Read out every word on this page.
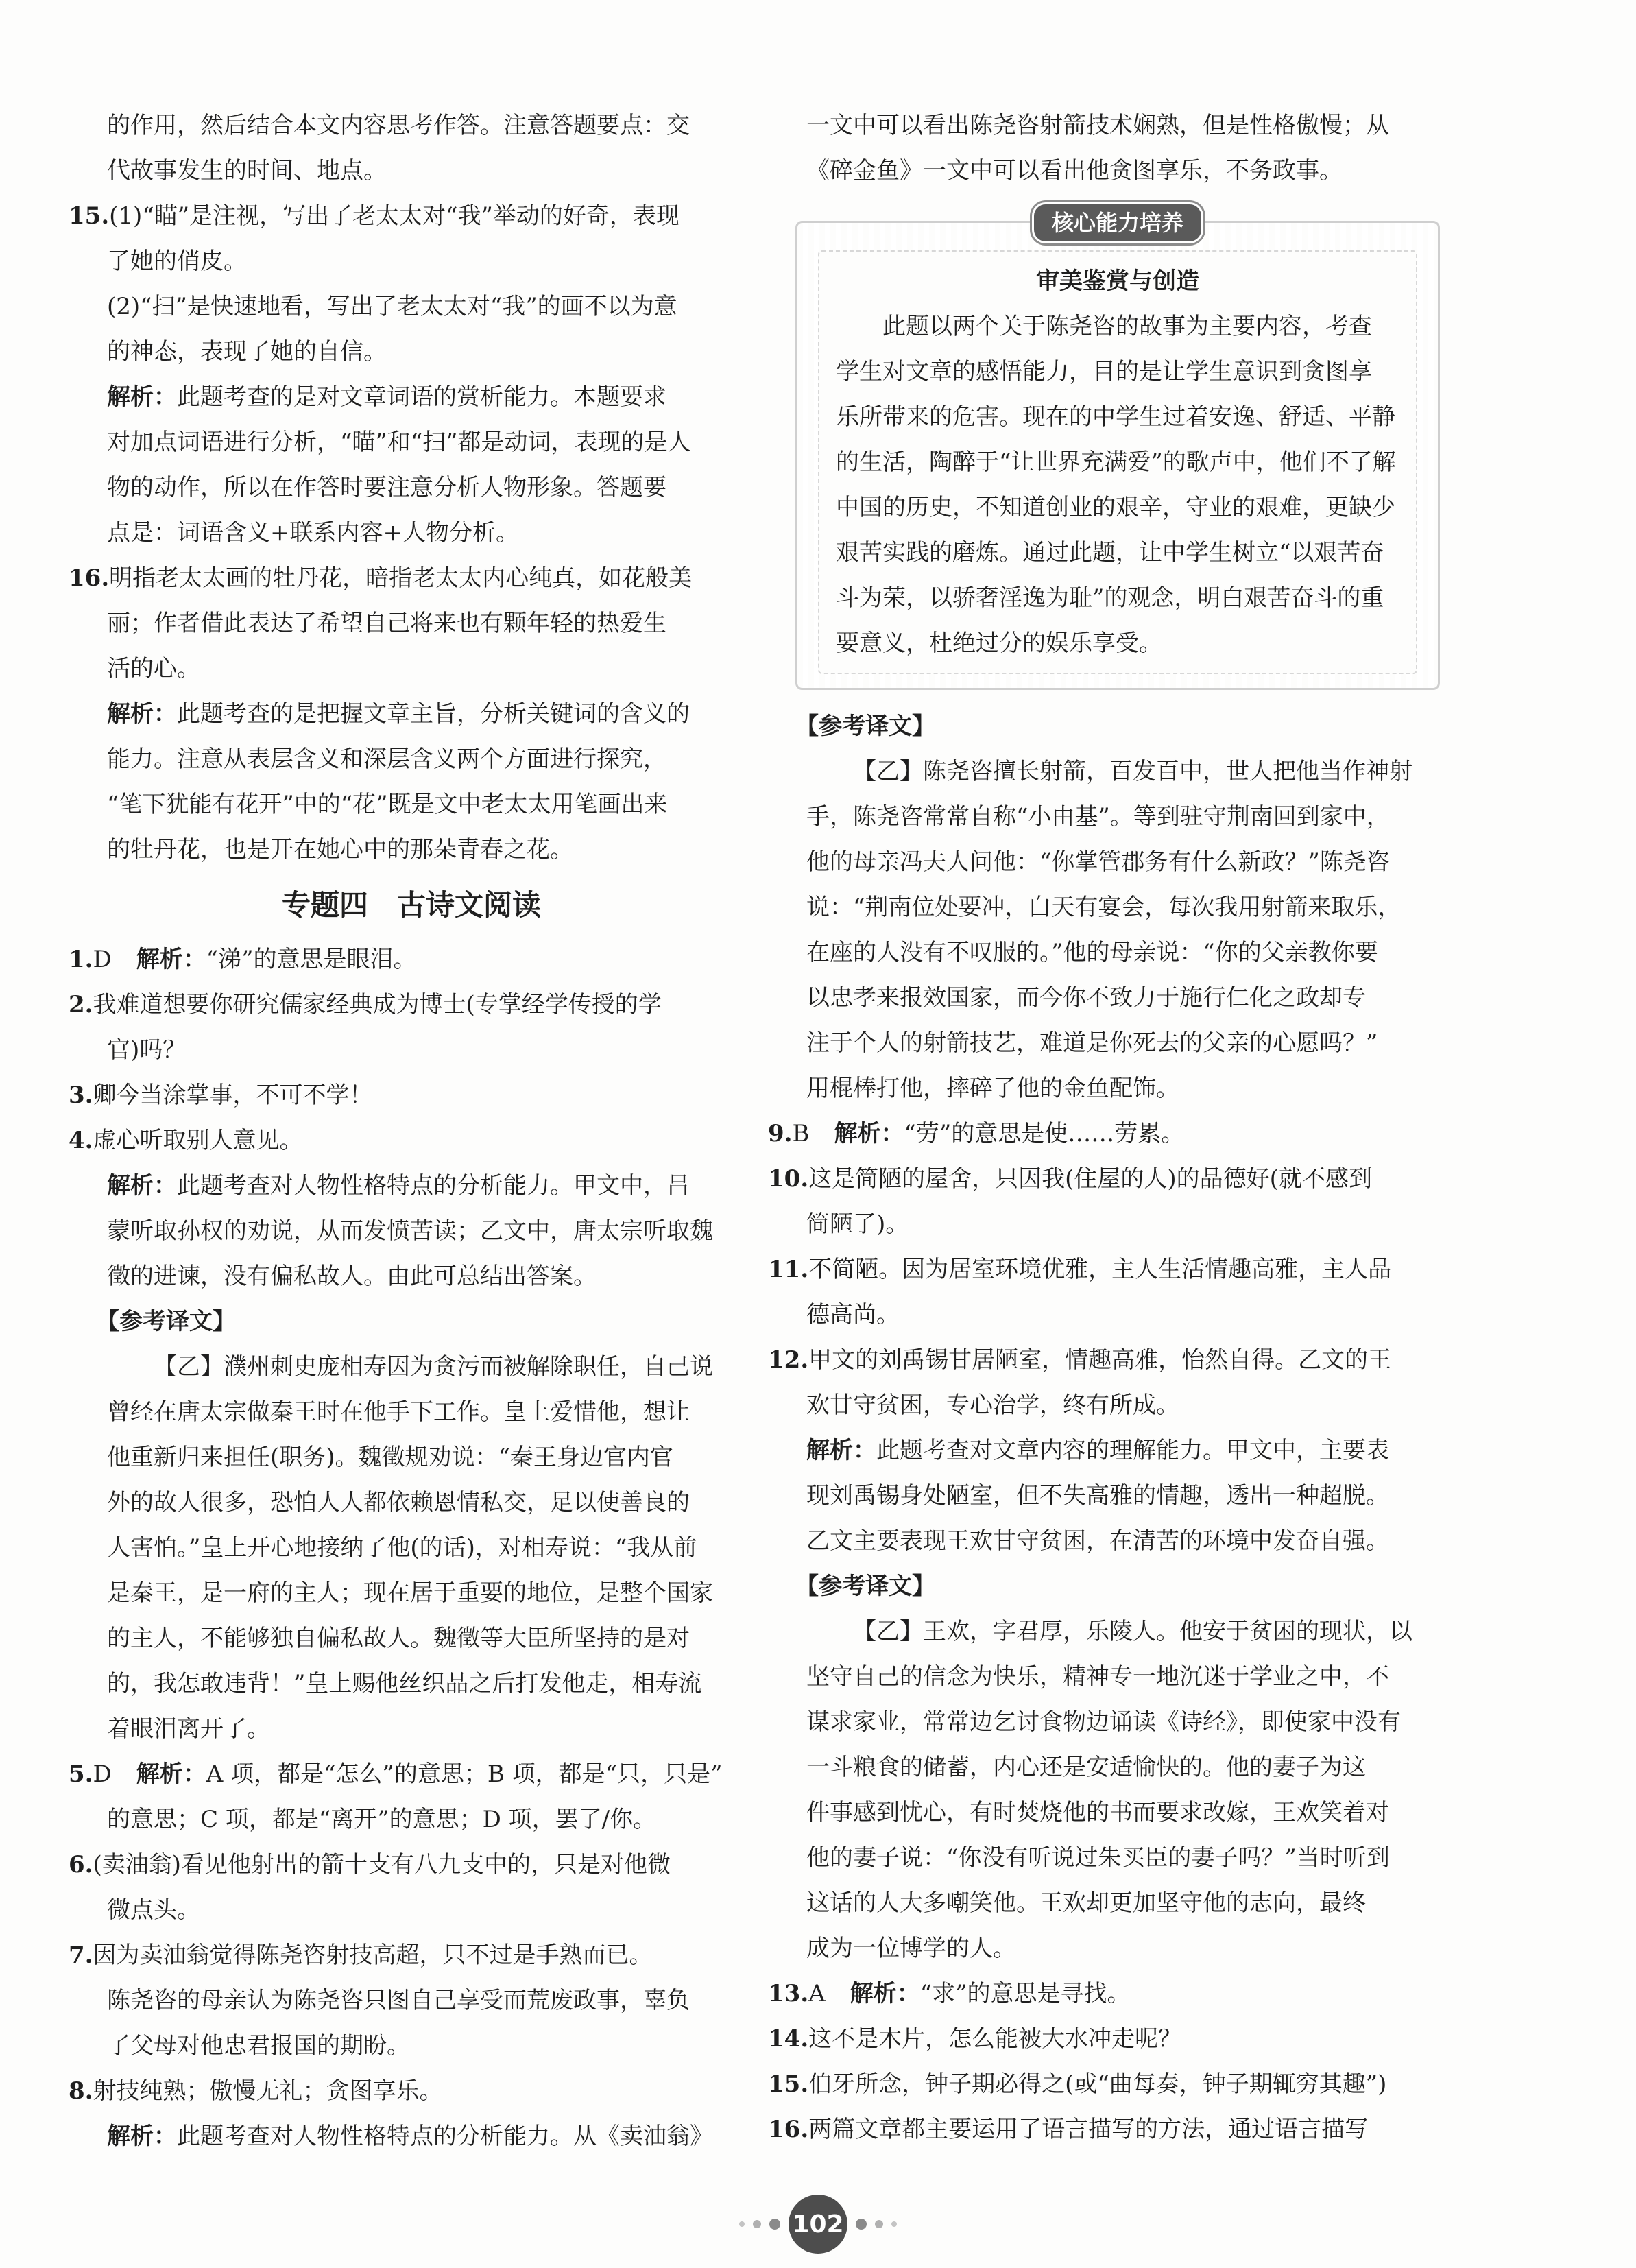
的作用，然后结合本文内容思考作答。注意答题要点：交

代故事发生的时间、地点。

15.(1)“瞄”是注视，写出了老太太对“我”举动的好奇，表现

了她的俏皮。

(2)“扫”是快速地看，写出了老太太对“我”的画不以为意

的神态，表现了她的自信。

解析：此题考查的是对文章词语的赏析能力。本题要求

对加点词语进行分析，“瞄”和“扫”都是动词，表现的是人

物的动作，所以在作答时要注意分析人物形象。答题要

点是：词语含义+联系内容+人物分析。

16.明指老太太画的牡丹花，暗指老太太内心纯真，如花般美

丽；作者借此表达了希望自己将来也有颗年轻的热爱生

活的心。

解析：此题考查的是把握文章主旨，分析关键词的含义的

能力。注意从表层含义和深层含义两个方面进行探究，

“笔下犹能有花开”中的“花”既是文中老太太用笔画出来

的牡丹花，也是开在她心中的那朵青春之花。

专题四　古诗文阅读

1.D 解析：“涕”的意思是眼泪。

2.我难道想要你研究儒家经典成为博士(专掌经学传授的学

官)吗？

3.卿今当涂掌事，不可不学！

4.虚心听取别人意见。

解析：此题考查对人物性格特点的分析能力。甲文中，吕

蒙听取孙权的劝说，从而发愤苦读；乙文中，唐太宗听取魏

徵的进谏，没有偏私故人。由此可总结出答案。

【参考译文】

【乙】濮州刺史庞相寿因为贪污而被解除职任，自己说

曾经在唐太宗做秦王时在他手下工作。皇上爱惜他，想让

他重新归来担任(职务)。魏徵规劝说：“秦王身边官内官

外的故人很多，恐怕人人都依赖恩情私交，足以使善良的

人害怕。”皇上开心地接纳了他(的话)，对相寿说：“我从前

是秦王，是一府的主人；现在居于重要的地位，是整个国家

的主人，不能够独自偏私故人。魏徵等大臣所坚持的是对

的，我怎敢违背！”皇上赐他丝织品之后打发他走，相寿流

着眼泪离开了。

5.D 解析：A 项，都是“怎么”的意思；B 项，都是“只，只是”

的意思；C 项，都是“离开”的意思；D 项，罢了/你。

6.(卖油翁)看见他射出的箭十支有八九支中的，只是对他微

微点头。

7.因为卖油翁觉得陈尧咨射技高超，只不过是手熟而已。

陈尧咨的母亲认为陈尧咨只图自己享受而荒废政事，辜负

了父母对他忠君报国的期盼。

8.射技纯熟；傲慢无礼；贪图享乐。

解析：此题考查对人物性格特点的分析能力。从《卖油翁》

一文中可以看出陈尧咨射箭技术娴熟，但是性格傲慢；从

《碎金鱼》一文中可以看出他贪图享乐，不务政事。

核心能力培养

审美鉴赏与创造

此题以两个关于陈尧咨的故事为主要内容，考查

学生对文章的感悟能力，目的是让学生意识到贪图享

乐所带来的危害。现在的中学生过着安逸、舒适、平静

的生活，陶醉于“让世界充满爱”的歌声中，他们不了解

中国的历史，不知道创业的艰辛，守业的艰难，更缺少

艰苦实践的磨炼。通过此题，让中学生树立“以艰苦奋

斗为荣，以骄奢淫逸为耻”的观念，明白艰苦奋斗的重

要意义，杜绝过分的娱乐享受。

【参考译文】

【乙】陈尧咨擅长射箭，百发百中，世人把他当作神射

手，陈尧咨常常自称“小由基”。等到驻守荆南回到家中，

他的母亲冯夫人问他：“你掌管郡务有什么新政？”陈尧咨

说：“荆南位处要冲，白天有宴会，每次我用射箭来取乐，

在座的人没有不叹服的。”他的母亲说：“你的父亲教你要

以忠孝来报效国家，而今你不致力于施行仁化之政却专

注于个人的射箭技艺，难道是你死去的父亲的心愿吗？”

用棍棒打他，摔碎了他的金鱼配饰。

9.B 解析：“劳”的意思是使……劳累。

10.这是简陋的屋舍，只因我(住屋的人)的品德好(就不感到

简陋了)。

11.不简陋。因为居室环境优雅，主人生活情趣高雅，主人品

德高尚。

12.甲文的刘禹锡甘居陋室，情趣高雅，怡然自得。乙文的王

欢甘守贫困，专心治学，终有所成。

解析：此题考查对文章内容的理解能力。甲文中，主要表

现刘禹锡身处陋室，但不失高雅的情趣，透出一种超脱。

乙文主要表现王欢甘守贫困，在清苦的环境中发奋自强。

【参考译文】

【乙】王欢，字君厚，乐陵人。他安于贫困的现状，以

坚守自己的信念为快乐，精神专一地沉迷于学业之中，不

谋求家业，常常边乞讨食物边诵读《诗经》，即使家中没有

一斗粮食的储蓄，内心还是安适愉快的。他的妻子为这

件事感到忧心，有时焚烧他的书而要求改嫁，王欢笑着对

他的妻子说：“你没有听说过朱买臣的妻子吗？”当时听到

这话的人大多嘲笑他。王欢却更加坚守他的志向，最终

成为一位博学的人。

13.A 解析：“求”的意思是寻找。

14.这不是木片，怎么能被大水冲走呢？

15.伯牙所念，钟子期必得之(或“曲每奏，钟子期辄穷其趣”)

16.两篇文章都主要运用了语言描写的方法，通过语言描写

102
